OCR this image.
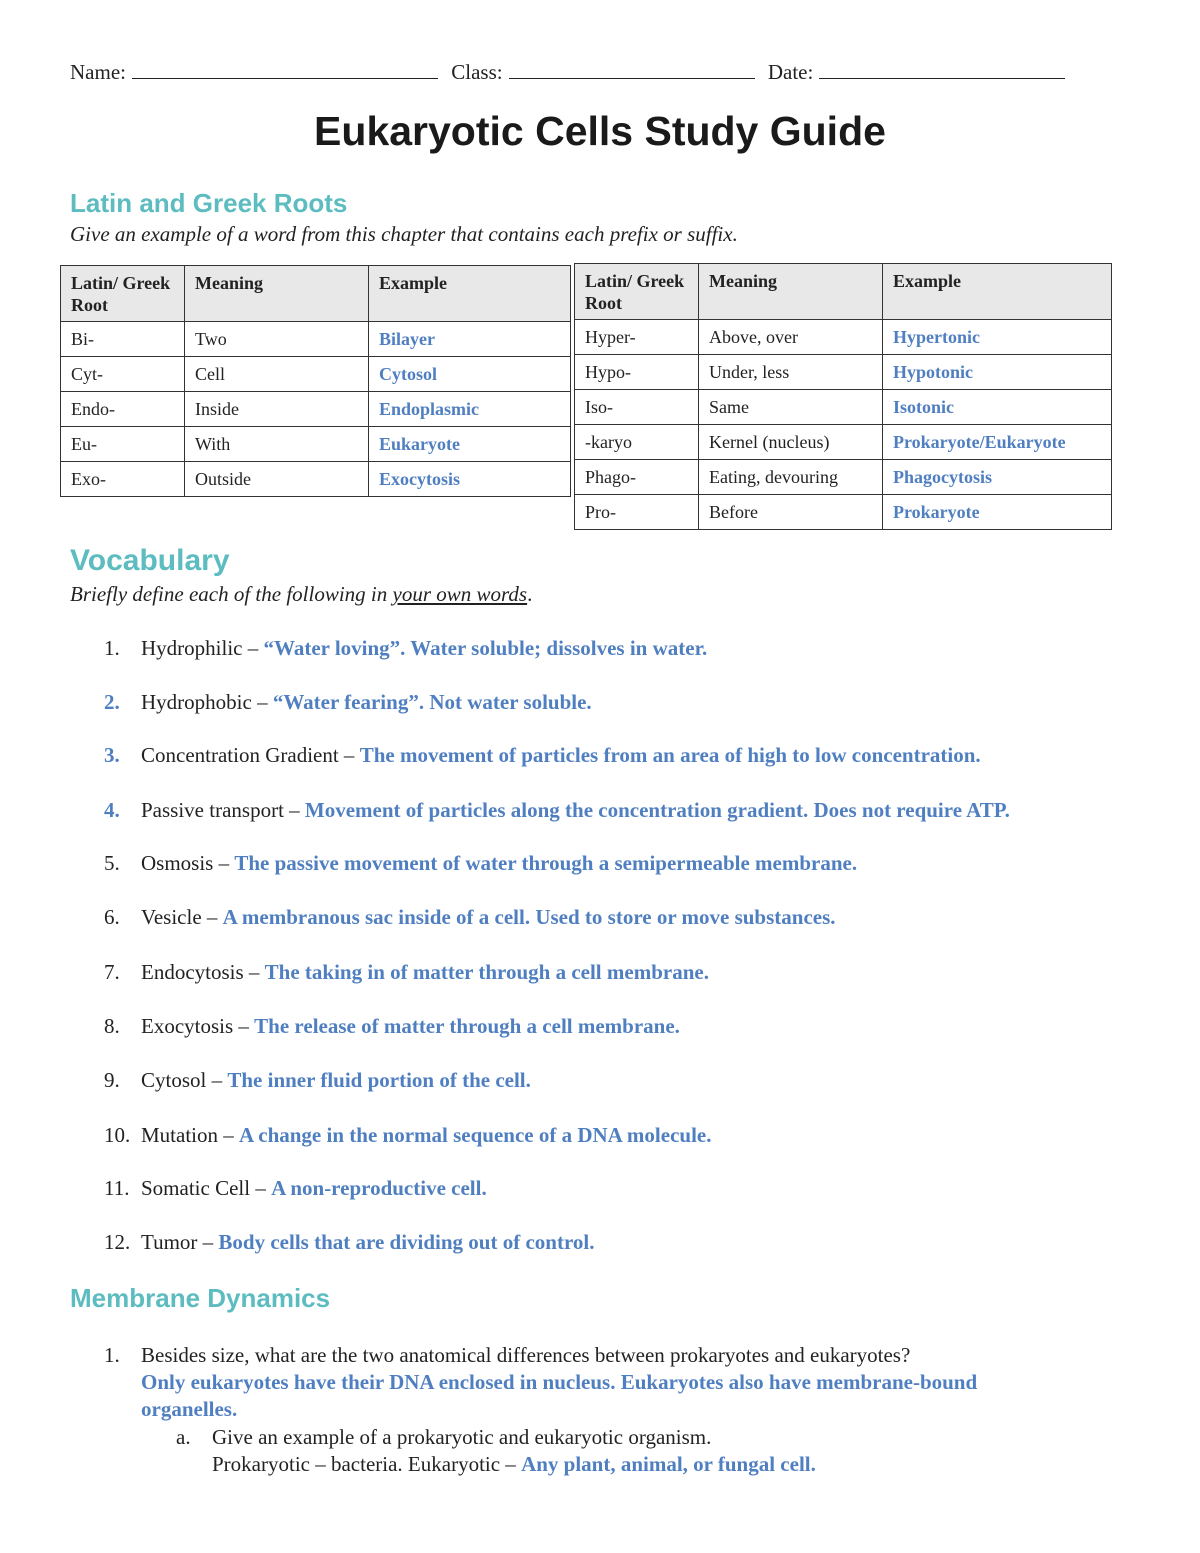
Name:	Class:	Date:
Eukaryotic Cells Study Guide
Latin and Greek Roots
Give an example of a word from this chapter that contains each prefix or suffix.
Latin/ Greek Root	Meaning	Example
Bi-	Two	Bilayer
Cyt-	Cell	Cytosol
Endo-	Inside	Endoplasmic
Eu-	With	Eukaryote
Exo-	Outside	Exocytosis
Latin/ Greek Root	Meaning	Example
Hyper-	Above, over	Hypertonic
Hypo-	Under, less	Hypotonic
Iso-	Same	Isotonic
-karyo	Kernel (nucleus)	Prokaryote/Eukaryote
Phago-	Eating, devouring	Phagocytosis
Pro-	Before	Prokaryote
Vocabulary
Briefly define each of the following in your own words.
1. Hydrophilic – “Water loving”. Water soluble; dissolves in water.
2. Hydrophobic – “Water fearing”. Not water soluble.
3. Concentration Gradient – The movement of particles from an area of high to low concentration.
4. Passive transport – Movement of particles along the concentration gradient. Does not require ATP.
5. Osmosis – The passive movement of water through a semipermeable membrane.
6. Vesicle – A membranous sac inside of a cell. Used to store or move substances.
7. Endocytosis – The taking in of matter through a cell membrane.
8. Exocytosis – The release of matter through a cell membrane.
9. Cytosol – The inner fluid portion of the cell.
10. Mutation – A change in the normal sequence of a DNA molecule.
11. Somatic Cell – A non-reproductive cell.
12. Tumor – Body cells that are dividing out of control.
Membrane Dynamics
1. Besides size, what are the two anatomical differences between prokaryotes and eukaryotes?
Only eukaryotes have their DNA enclosed in nucleus. Eukaryotes also have membrane-bound
organelles.
a. Give an example of a prokaryotic and eukaryotic organism.
Prokaryotic – bacteria. Eukaryotic – Any plant, animal, or fungal cell.
